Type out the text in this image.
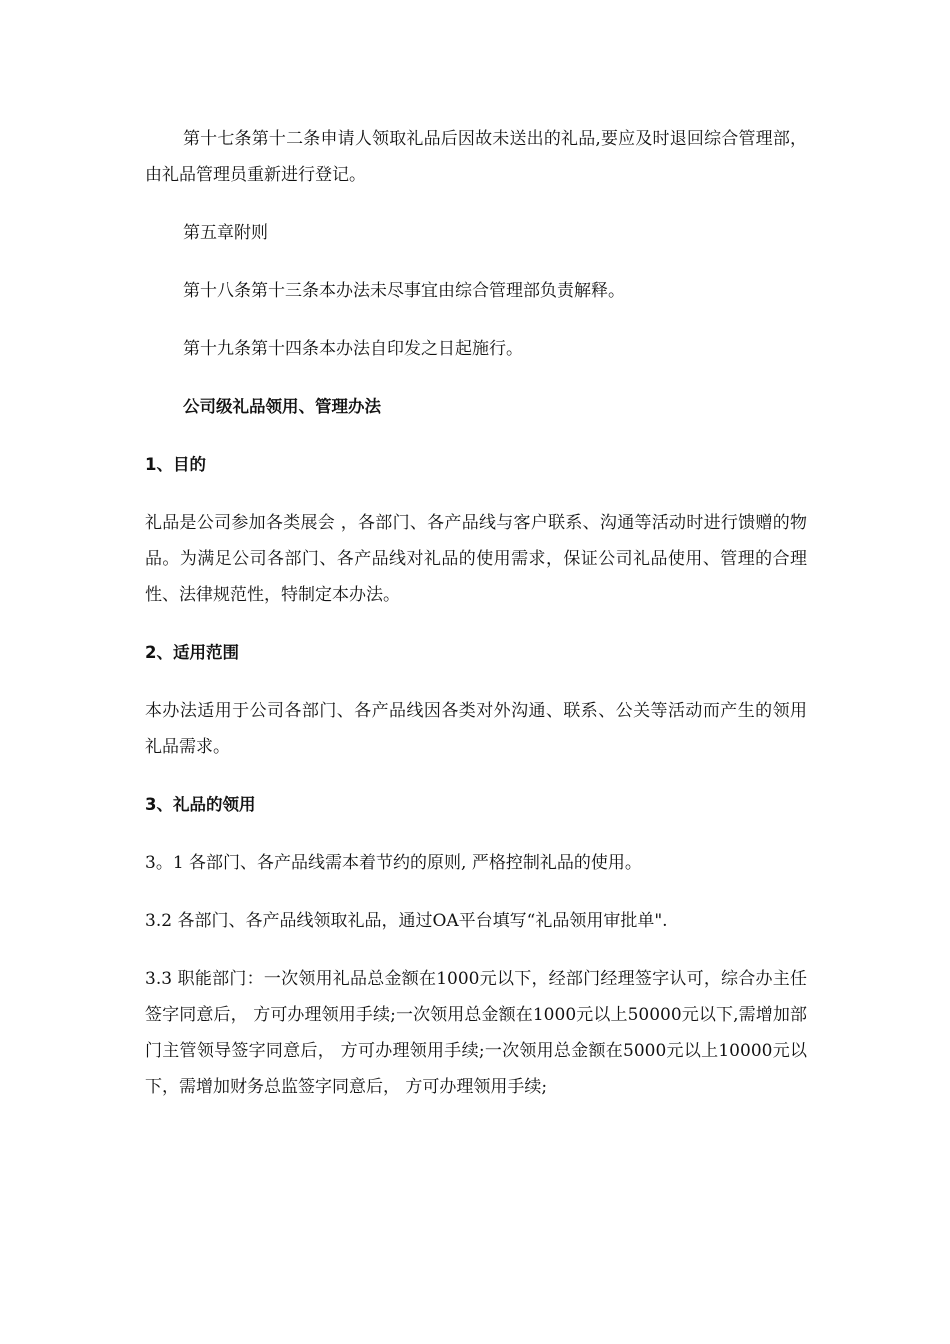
第十七条第十二条申请人领取礼品后因故未送出的礼品,要应及时退回综合管理部，由礼品管理员重新进行登记。

第五章附则

第十八条第十三条本办法未尽事宜由综合管理部负责解释。

第十九条第十四条本办法自印发之日起施行。

公司级礼品领用、管理办法

1、目的

礼品是公司参加各类展会 ，各部门、各产品线与客户联系、沟通等活动时进行馈赠的物品。为满足公司各部门、各产品线对礼品的使用需求，保证公司礼品使用、管理的合理性、法律规范性，特制定本办法。

2、适用范围

本办法适用于公司各部门、各产品线因各类对外沟通、联系、公关等活动而产生的领用礼品需求。

3、礼品的领用

3。1 各部门、各产品线需本着节约的原则, 严格控制礼品的使用。

3.2 各部门、各产品线领取礼品，通过OA平台填写“礼品领用审批单".

3.3 职能部门：一次领用礼品总金额在1000元以下，经部门经理签字认可，综合办主任签字同意后， 方可办理领用手续;一次领用总金额在1000元以上50000元以下,需增加部门主管领导签字同意后， 方可办理领用手续;一次领用总金额在5000元以上10000元以下，需增加财务总监签字同意后， 方可办理领用手续;
